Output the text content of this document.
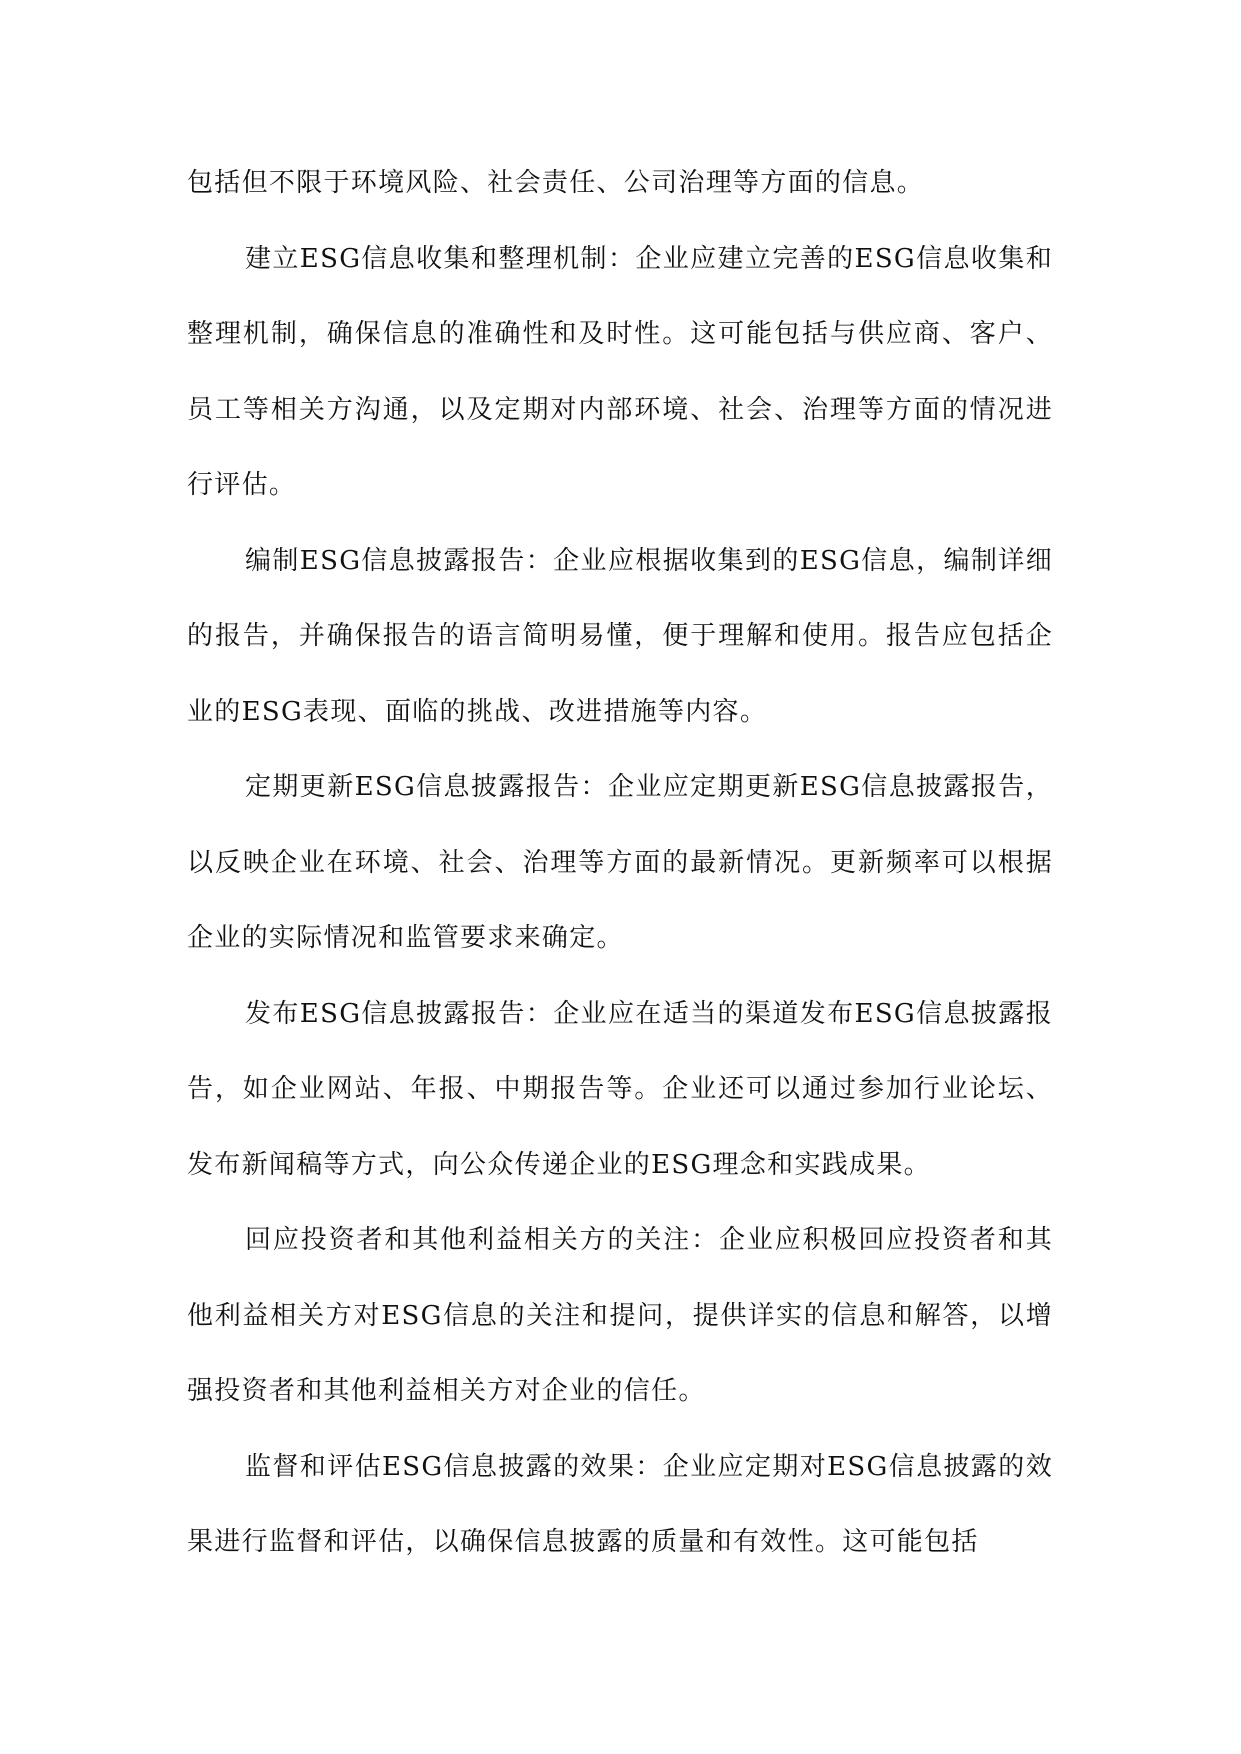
包括但不限于环境风险、社会责任、公司治理等方面的信息。

建立ESG信息收集和整理机制：企业应建立完善的ESG信息收集和整理机制，确保信息的准确性和及时性。这可能包括与供应商、客户、员工等相关方沟通，以及定期对内部环境、社会、治理等方面的情况进行评估。

编制ESG信息披露报告：企业应根据收集到的ESG信息，编制详细的报告，并确保报告的语言简明易懂，便于理解和使用。报告应包括企业的ESG表现、面临的挑战、改进措施等内容。

定期更新ESG信息披露报告：企业应定期更新ESG信息披露报告，以反映企业在环境、社会、治理等方面的最新情况。更新频率可以根据企业的实际情况和监管要求来确定。

发布ESG信息披露报告：企业应在适当的渠道发布ESG信息披露报告，如企业网站、年报、中期报告等。企业还可以通过参加行业论坛、发布新闻稿等方式，向公众传递企业的ESG理念和实践成果。

回应投资者和其他利益相关方的关注：企业应积极回应投资者和其他利益相关方对ESG信息的关注和提问，提供详实的信息和解答，以增强投资者和其他利益相关方对企业的信任。

监督和评估ESG信息披露的效果：企业应定期对ESG信息披露的效果进行监督和评估，以确保信息披露的质量和有效性。这可能包括
